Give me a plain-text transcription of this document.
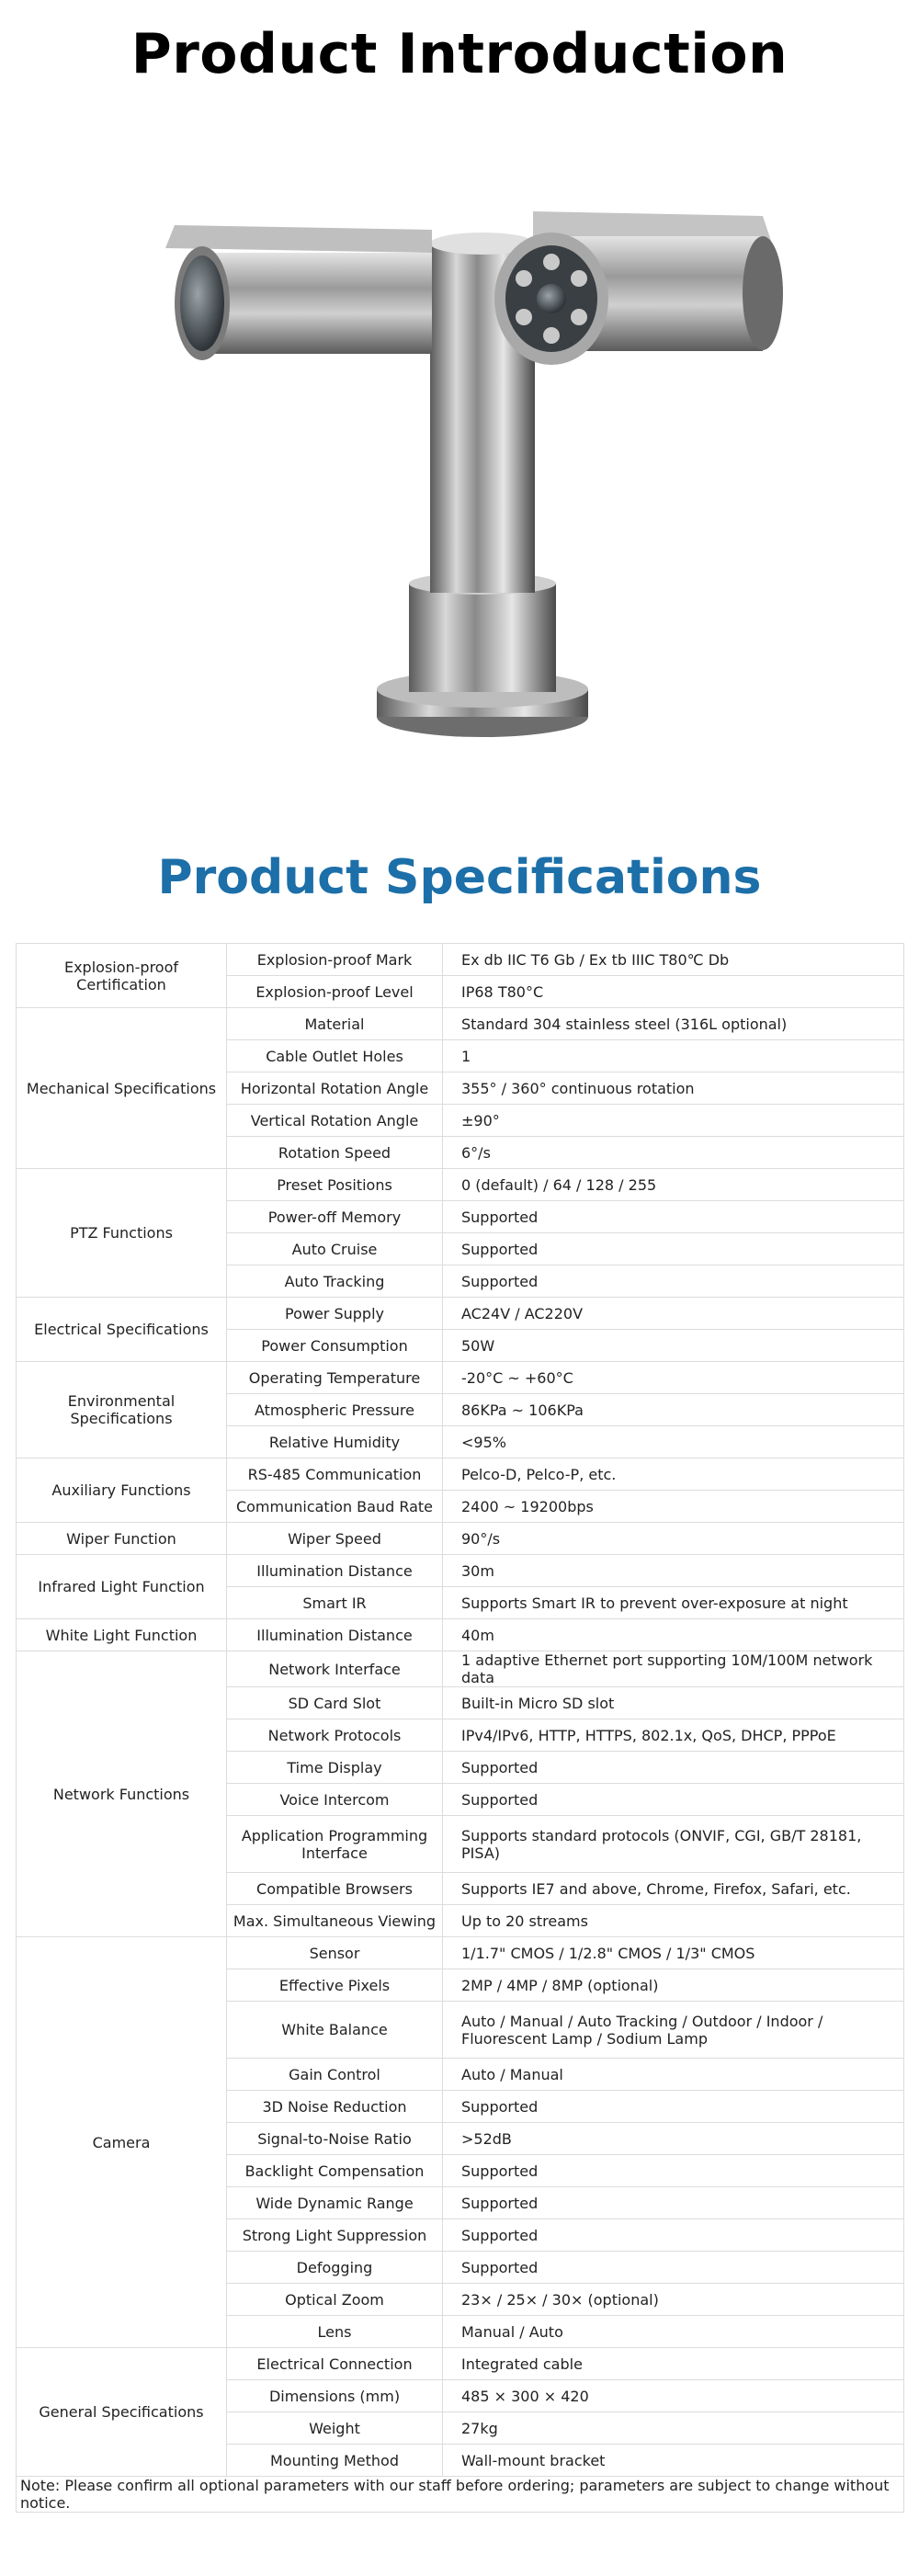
Product Introduction
Product Specifications
Explosion-proof Certification	Explosion-proof Mark	Ex db IIC T6 Gb / Ex tb IIIC T80℃ Db
	Explosion-proof Level	IP68 T80°C
Mechanical Specifications	Material	Standard 304 stainless steel (316L optional)
	Cable Outlet Holes	1
	Horizontal Rotation Angle	355° / 360° continuous rotation
	Vertical Rotation Angle	±90°
	Rotation Speed	6°/s
PTZ Functions	Preset Positions	0 (default) / 64 / 128 / 255
	Power-off Memory	Supported
	Auto Cruise	Supported
	Auto Tracking	Supported
Electrical Specifications	Power Supply	AC24V / AC220V
	Power Consumption	50W
Environmental Specifications	Operating Temperature	-20°C ~ +60°C
	Atmospheric Pressure	86KPa ~ 106KPa
	Relative Humidity	<95%
Auxiliary Functions	RS-485 Communication	Pelco-D, Pelco-P, etc.
	Communication Baud Rate	2400 ~ 19200bps
Wiper Function	Wiper Speed	90°/s
Infrared Light Function	Illumination Distance	30m
	Smart IR	Supports Smart IR to prevent over-exposure at night
White Light Function	Illumination Distance	40m
Network Functions	Network Interface	1 adaptive Ethernet port supporting 10M/100M network data
	SD Card Slot	Built-in Micro SD slot
	Network Protocols	IPv4/IPv6, HTTP, HTTPS, 802.1x, QoS, DHCP, PPPoE
	Time Display	Supported
	Voice Intercom	Supported
	Application Programming Interface	Supports standard protocols (ONVIF, CGI, GB/T 28181, PISA)
	Compatible Browsers	Supports IE7 and above, Chrome, Firefox, Safari, etc.
	Max. Simultaneous Viewing	Up to 20 streams
Camera	Sensor	1/1.7" CMOS / 1/2.8" CMOS / 1/3" CMOS
	Effective Pixels	2MP / 4MP / 8MP (optional)
	White Balance	Auto / Manual / Auto Tracking / Outdoor / Indoor / Fluorescent Lamp / Sodium Lamp
	Gain Control	Auto / Manual
	3D Noise Reduction	Supported
	Signal-to-Noise Ratio	>52dB
	Backlight Compensation	Supported
	Wide Dynamic Range	Supported
	Strong Light Suppression	Supported
	Defogging	Supported
	Optical Zoom	23× / 25× / 30× (optional)
	Lens	Manual / Auto
General Specifications	Electrical Connection	Integrated cable
	Dimensions (mm)	485 × 300 × 420
	Weight	27kg
	Mounting Method	Wall-mount bracket
Note: Please confirm all optional parameters with our staff before ordering; parameters are subject to change without notice.		
